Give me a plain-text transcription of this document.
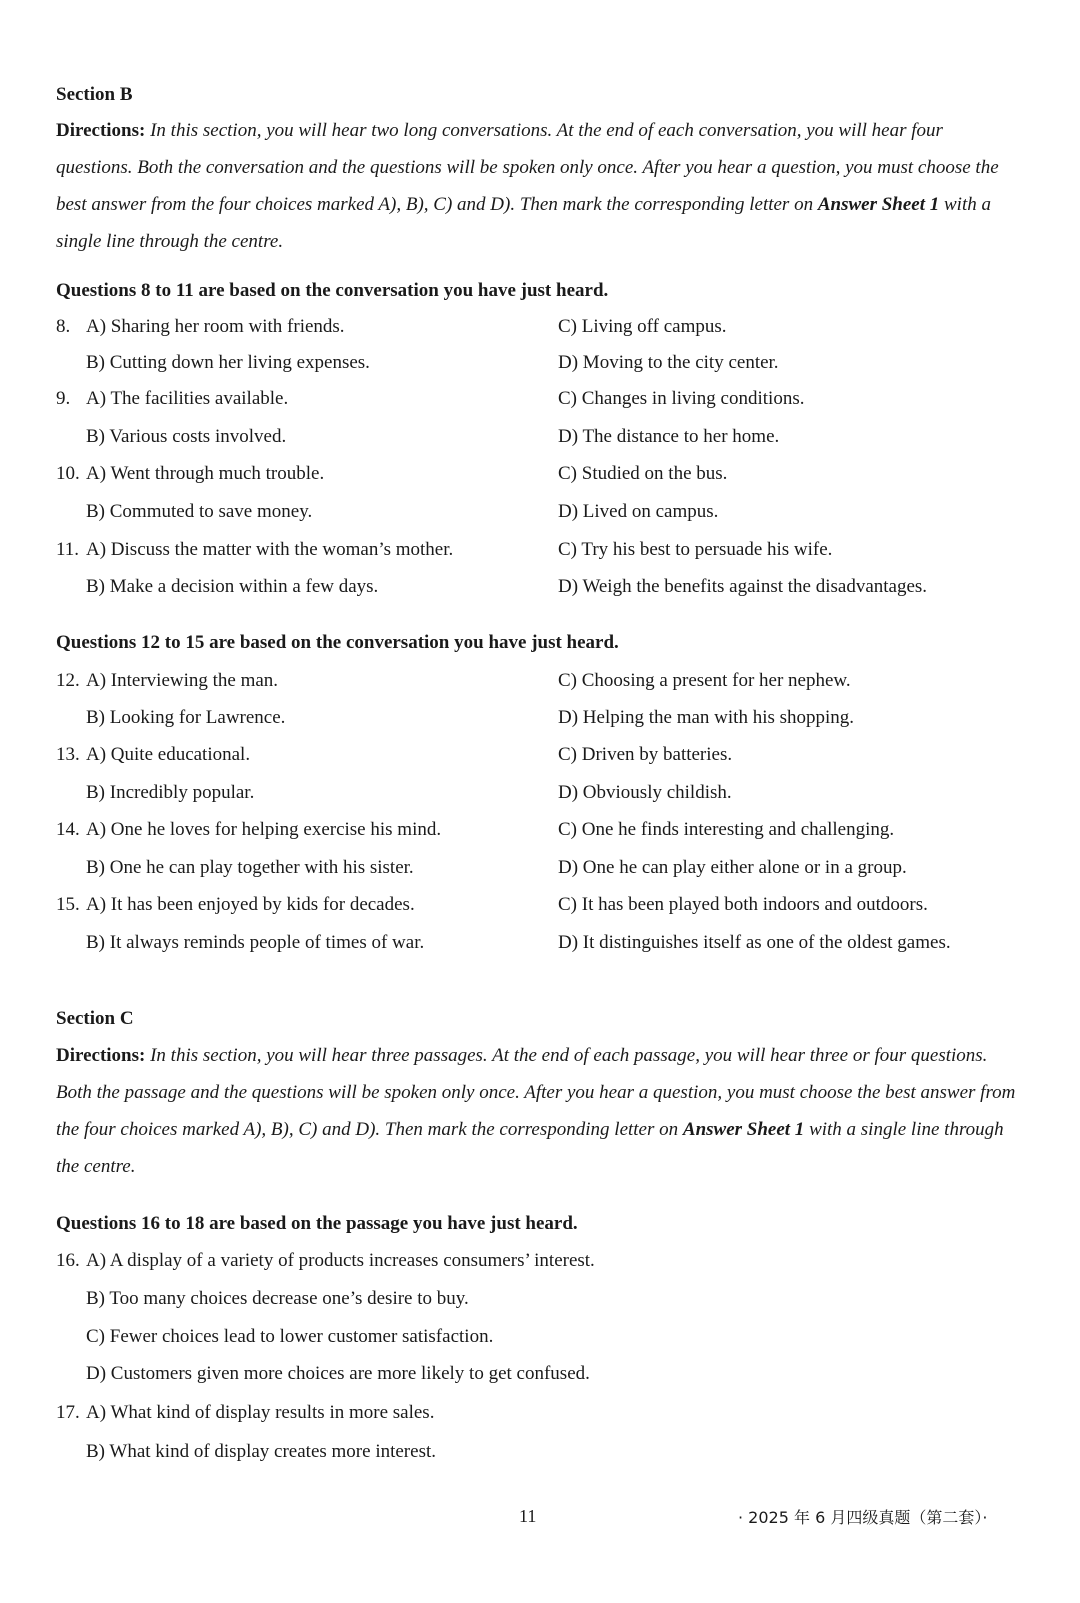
Section B
Directions: In this section, you will hear two long conversations. At the end of each conversation, you will hear four questions. Both the conversation and the questions will be spoken only once. After you hear a question, you must choose the best answer from the four choices marked A), B), C) and D). Then mark the corresponding letter on Answer Sheet 1 with a single line through the centre.
Questions 8 to 11 are based on the conversation you have just heard.
8. A) Sharing her room with friends.
B) Cutting down her living expenses.
C) Living off campus.
D) Moving to the city center.
9. A) The facilities available.
B) Various costs involved.
C) Changes in living conditions.
D) The distance to her home.
10. A) Went through much trouble.
B) Commuted to save money.
C) Studied on the bus.
D) Lived on campus.
11. A) Discuss the matter with the woman’s mother.
B) Make a decision within a few days.
C) Try his best to persuade his wife.
D) Weigh the benefits against the disadvantages.
Questions 12 to 15 are based on the conversation you have just heard.
12. A) Interviewing the man.
B) Looking for Lawrence.
C) Choosing a present for her nephew.
D) Helping the man with his shopping.
13. A) Quite educational.
B) Incredibly popular.
C) Driven by batteries.
D) Obviously childish.
14. A) One he loves for helping exercise his mind.
B) One he can play together with his sister.
C) One he finds interesting and challenging.
D) One he can play either alone or in a group.
15. A) It has been enjoyed by kids for decades.
B) It always reminds people of times of war.
C) It has been played both indoors and outdoors.
D) It distinguishes itself as one of the oldest games.
Section C
Directions: In this section, you will hear three passages. At the end of each passage, you will hear three or four questions. Both the passage and the questions will be spoken only once. After you hear a question, you must choose the best answer from the four choices marked A), B), C) and D). Then mark the corresponding letter on Answer Sheet 1 with a single line through the centre.
Questions 16 to 18 are based on the passage you have just heard.
16. A) A display of a variety of products increases consumers’ interest.
B) Too many choices decrease one’s desire to buy.
C) Fewer choices lead to lower customer satisfaction.
D) Customers given more choices are more likely to get confused.
17. A) What kind of display results in more sales.
B) What kind of display creates more interest.
11	· 2025 年 6 月四级真题（第二套）·
